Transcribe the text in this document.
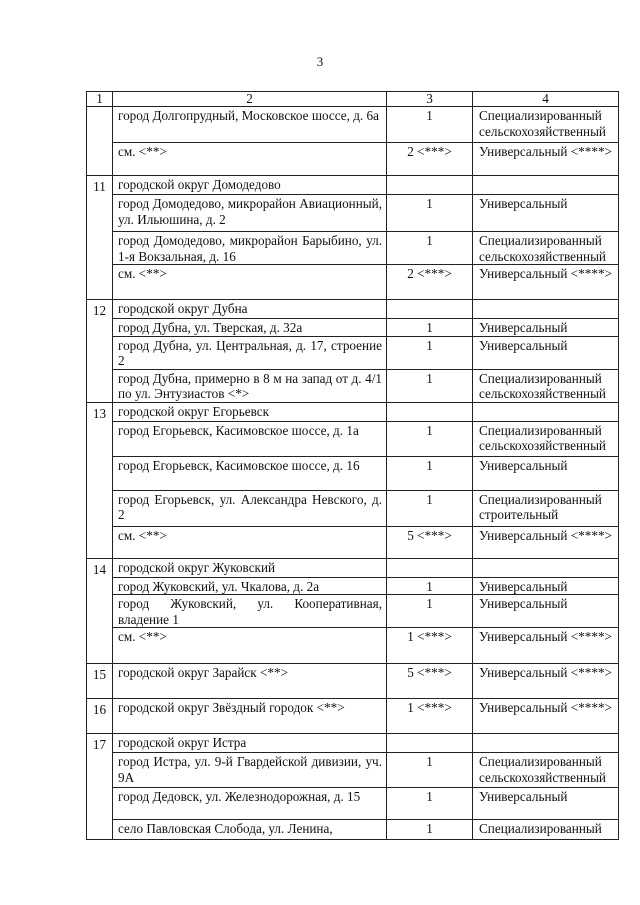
3
1	2	3	4
	город Долгопрудный, Московское шоссе, д. 6а	1	Специализированный сельскохозяйственный
	см. <**>	2 <***>	Универсальный <****>
11	городской округ Домодедово		
	город Домодедово, микрорайон Авиационный, ул. Ильюшина, д. 2	1	Универсальный
	город Домодедово, микрорайон Барыбино, ул. 1-я Вокзальная, д. 16	1	Специализированный сельскохозяйственный
	см. <**>	2 <***>	Универсальный <****>
12	городской округ Дубна		
	город Дубна, ул. Тверская, д. 32а	1	Универсальный
	город Дубна, ул. Центральная, д. 17, строение 2	1	Универсальный
	город Дубна, примерно в 8 м на запад от д. 4/1 по ул. Энтузиастов <*>	1	Специализированный сельскохозяйственный
13	городской округ Егорьевск		
	город Егорьевск, Касимовское шоссе, д. 1а	1	Специализированный сельскохозяйственный
	город Егорьевск, Касимовское шоссе, д. 16	1	Универсальный
	город Егорьевск, ул. Александра Невского, д. 2	1	Специализированный строительный
	см. <**>	5 <***>	Универсальный <****>
14	городской округ Жуковский		
	город Жуковский, ул. Чкалова, д. 2а	1	Универсальный
	город Жуковский, ул. Кооперативная, владение 1	1	Универсальный
	см. <**>	1 <***>	Универсальный <****>
15	городской округ Зарайск <**>	5 <***>	Универсальный <****>
16	городской округ Звёздный городок <**>	1 <***>	Универсальный <****>
17	городской округ Истра		
	город Истра, ул. 9-й Гвардейской дивизии, уч. 9А	1	Специализированный сельскохозяйственный
	город Дедовск, ул. Железнодорожная, д. 15	1	Универсальный
	село Павловская Слобода, ул. Ленина,	1	Специализированный
